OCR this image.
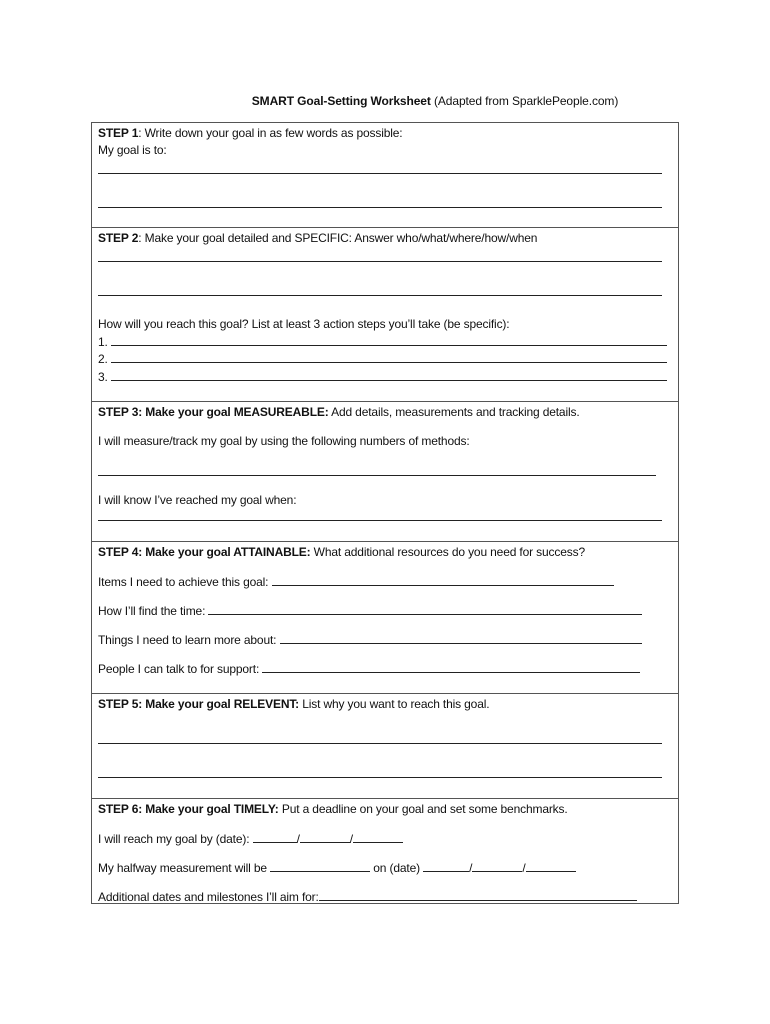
SMART Goal-Setting Worksheet (Adapted from SparklePeople.com)
STEP 1: Write down your goal in as few words as possible:
My goal is to:
STEP 2: Make your goal detailed and SPECIFIC: Answer who/what/where/how/when
How will you reach this goal? List at least 3 action steps you’ll take (be specific):
1.
2.
3.
STEP 3: Make your goal MEASUREABLE: Add details, measurements and tracking details.
I will measure/track my goal by using the following numbers of methods:
I will know I’ve reached my goal when:
STEP 4: Make your goal ATTAINABLE: What additional resources do you need for success?
Items I need to achieve this goal:
How I’ll find the time:
Things I need to learn more about:
People I can talk to for support:
STEP 5: Make your goal RELEVENT: List why you want to reach this goal.
STEP 6: Make your goal TIMELY: Put a deadline on your goal and set some benchmarks.
I will reach my goal by (date):	/	/
My halfway measurement will be	on (date)	/	/
Additional dates and milestones I’ll aim for:
